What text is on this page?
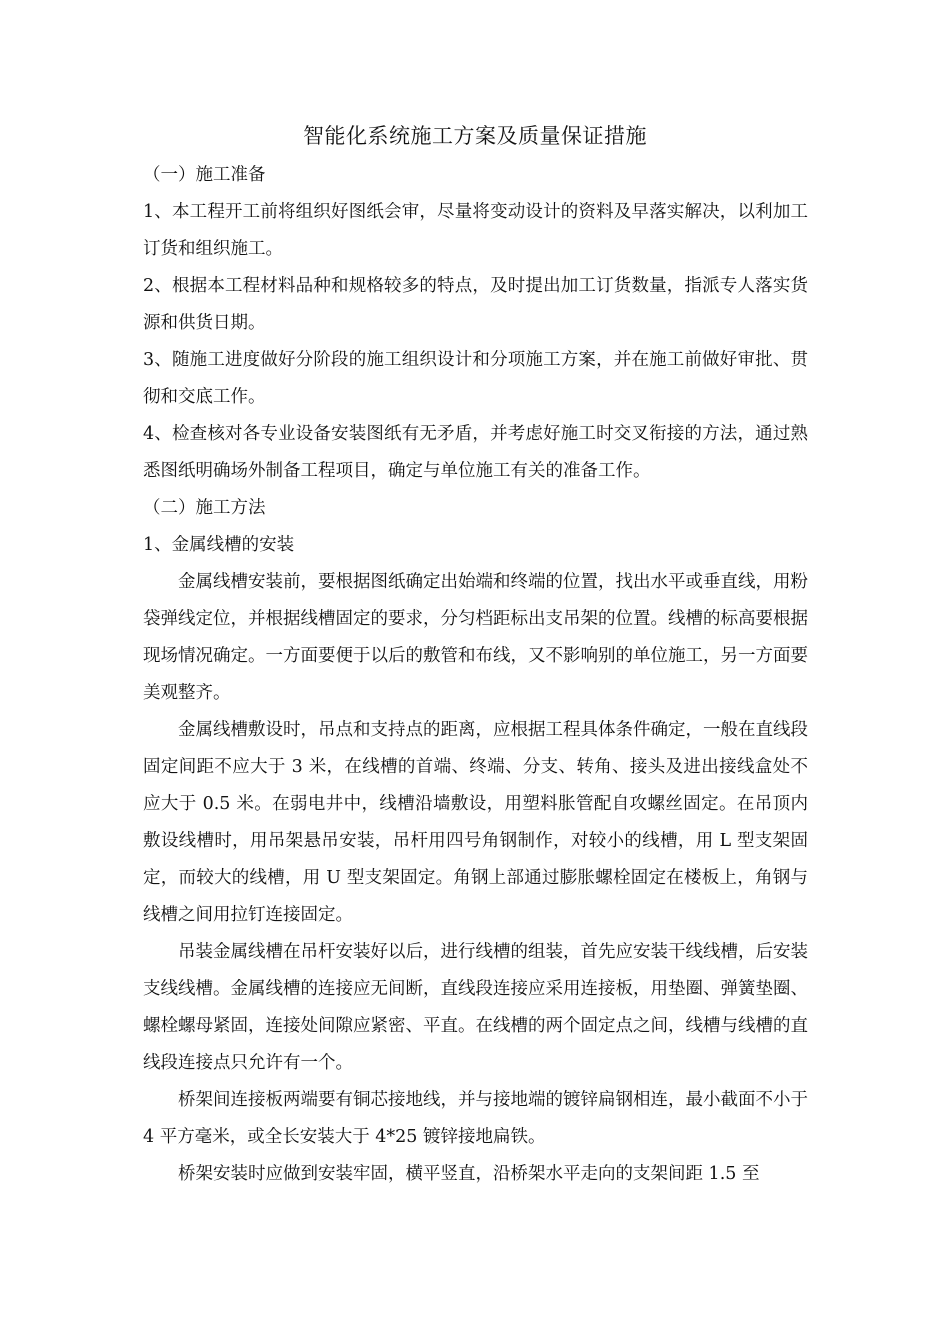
智能化系统施工方案及质量保证措施

（一）施工准备

1、本工程开工前将组织好图纸会审，尽量将变动设计的资料及早落实解决，以利加工订货和组织施工。

2、根据本工程材料品种和规格较多的特点，及时提出加工订货数量，指派专人落实货源和供货日期。

3、随施工进度做好分阶段的施工组织设计和分项施工方案，并在施工前做好审批、贯彻和交底工作。

4、检查核对各专业设备安装图纸有无矛盾，并考虑好施工时交叉衔接的方法，通过熟悉图纸明确场外制备工程项目，确定与单位施工有关的准备工作。

（二）施工方法

1、金属线槽的安装

金属线槽安装前，要根据图纸确定出始端和终端的位置，找出水平或垂直线，用粉袋弹线定位，并根据线槽固定的要求，分匀档距标出支吊架的位置。线槽的标高要根据现场情况确定。一方面要便于以后的敷管和布线，又不影响别的单位施工，另一方面要美观整齐。

金属线槽敷设时，吊点和支持点的距离，应根据工程具体条件确定，一般在直线段固定间距不应大于 3 米，在线槽的首端、终端、分支、转角、接头及进出接线盒处不应大于 0.5 米。在弱电井中，线槽沿墙敷设，用塑料胀管配自攻螺丝固定。在吊顶内敷设线槽时，用吊架悬吊安装，吊杆用四号角钢制作，对较小的线槽，用 L 型支架固定，而较大的线槽，用 U 型支架固定。角钢上部通过膨胀螺栓固定在楼板上，角钢与线槽之间用拉钉连接固定。

吊装金属线槽在吊杆安装好以后，进行线槽的组装，首先应安装干线线槽，后安装支线线槽。金属线槽的连接应无间断，直线段连接应采用连接板，用垫圈、弹簧垫圈、螺栓螺母紧固，连接处间隙应紧密、平直。在线槽的两个固定点之间，线槽与线槽的直线段连接点只允许有一个。

桥架间连接板两端要有铜芯接地线，并与接地端的镀锌扁钢相连，最小截面不小于 4 平方毫米，或全长安装大于 4*25 镀锌接地扁铁。

桥架安装时应做到安装牢固，横平竖直，沿桥架水平走向的支架间距 1.5 至
